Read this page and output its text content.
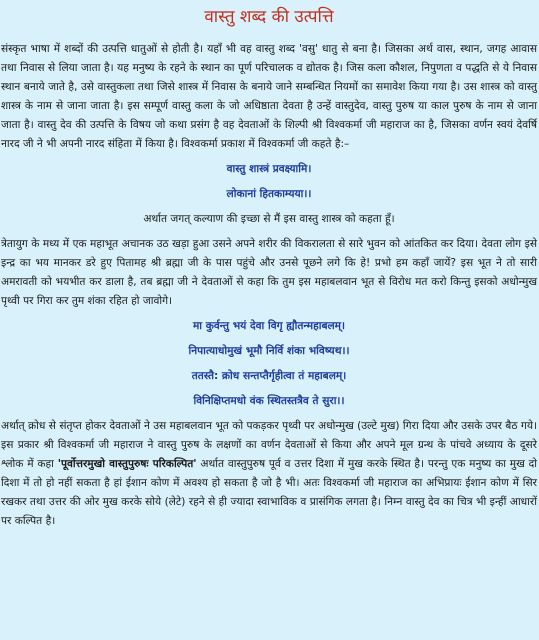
वास्तु शब्द की उत्पत्ति

संस्कृत भाषा में शब्दों की उत्पत्ति धातुओं से होती है। यहाँ भी वह वास्तु शब्द 'वसु' धातु से बना है। जिसका अर्थ वास, स्थान, जगह आवास तथा निवास से लिया जाता है। यह मनुष्य के रहने के स्थान का पूर्ण परिचालक व द्योतक है। जिस कला कौशल, निपुणता व पद्धति से ये निवास स्थान बनाये जाते है, उसे वास्तुकला तथा जिसे शास्त्र में निवास के बनाये जाने सम्बन्धित नियमों का समावेश किया गया है। उस शास्त्र को वास्तु शास्त्र के नाम से जाना जाता है। इस सम्पूर्ण वास्तु कला के जो अधिष्ठाता देवता है उन्हें वास्तुदेव, वास्तु पुरुष या काल पुरुष के नाम से जाना जाता है। वास्तु देव की उत्पत्ति के विषय जो कथा प्रसंग है वह देवताओं के शिल्पी श्री विश्वकर्मा जी महाराज का है, जिसका वर्णन स्वयं देवर्षि नारद जी ने भी अपनी नारद संहिता में किया है। विश्वकर्मा प्रकाश में विश्वकर्मा जी कहते है:–

वास्तु शास्त्रं प्रवक्ष्यामि।

लोकानां हितकाम्यया।।

अर्थात जगत् कल्याण की इच्छा से मैं इस वास्तु शास्त्र को कहता हूँ।

त्रेतायुग के मध्य में एक महाभूत अचानक उठ खड़ा हुआ उसने अपने शरीर की विकरालता से सारे भुवन को आंतकित कर दिया। देवता लोग इसे इन्द्र का भय मानकर डरे हुए पितामह श्री ब्रह्मा जी के पास पहुंचे और उनसे पूछने लगे कि हे! प्रभो हम कहाँ जायें? इस भूत ने तो सारी अमरावती को भयभीत कर डाला है, तब ब्रह्मा जी ने देवताओं से कहा कि तुम इस महाबलवान भूत से विरोध मत करो किन्तु इसको अधोन्मुख पृथ्वी पर गिरा कर तुम शंका रहित हो जावोगे।

मा कुर्वन्तु भयं देवा विगृ ह्यौतन्महाबलम्।

निपात्याधोमुखं भूमौ निर्वि शंका भविष्यथ।।

ततस्तै: क्रोध सन्तप्तैर्गृहीत्वा तं महाबलम्।

विनिक्षिप्तमधो वंक स्थितस्तत्रैव ते सुरा।।

अर्थात् क्रोध से संतृप्त होकर देवताओं ने उस महाबलवान भूत को पकड़कर पृथ्वी पर अधोन्मुख (उल्टे मुख) गिरा दिया और उसके उपर बैठ गये। इस प्रकार श्री विश्वकर्मा जी महाराज ने वास्तु पुरुष के लक्षणों का वर्णन देवताओं से किया और अपने मूल ग्रन्थ के पांचवे अध्याय के दूसरे श्लोक में कहा 'पूर्वोत्तरमुखो वास्तुपुरुषः परिकल्पित' अर्थात वास्तुपुरुष पूर्व व उत्तर दिशा में मुख करके स्थित है। परन्तु एक मनुष्य का मुख दो दिशा में तो हो नहीं सकता है हां ईशान कोण में अवश्य हो सकता है जो है भी। अतः विश्वकर्मा जी महाराज का अभिप्रायः ईशान कोण में सिर रखकर तथा उत्तर की ओर मुख करके सोये (लेटे) रहने से ही ज्यादा स्वाभाविक व प्रासंगिक लगता है। निम्न वास्तु देव का चित्र भी इन्हीं आधारों पर कल्पित है।
